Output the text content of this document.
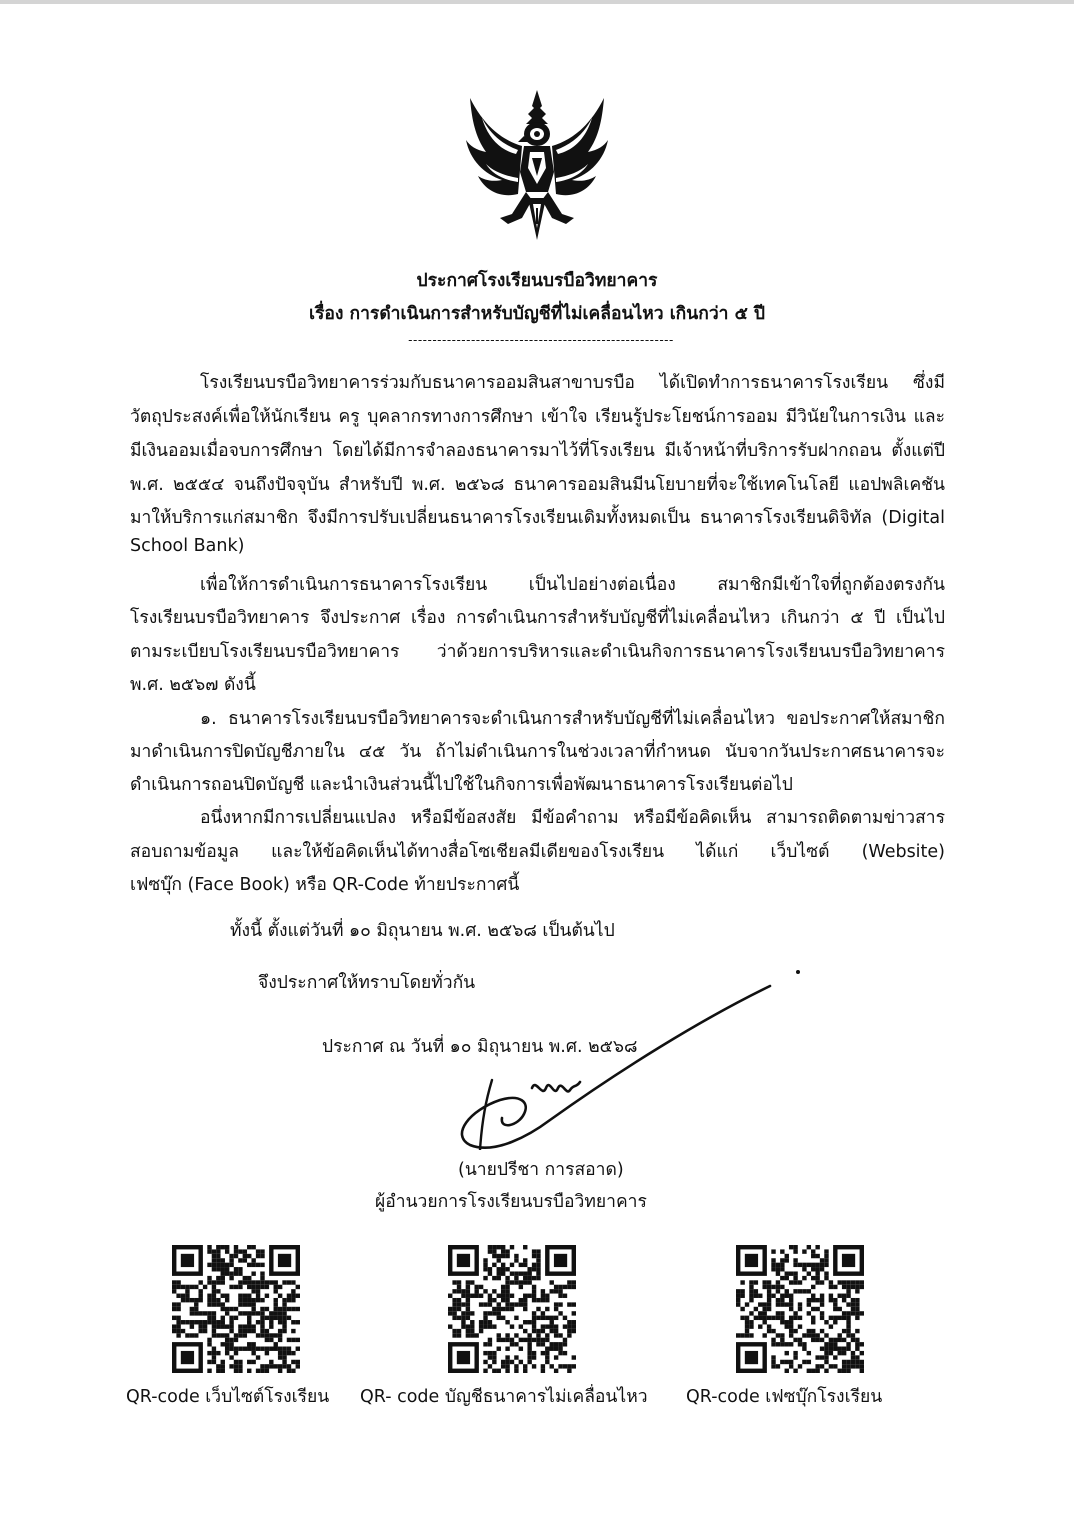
ประกาศโรงเรียนบรบือวิทยาคาร
เรื่อง การดำเนินการสำหรับบัญชีที่ไม่เคลื่อนไหว เกินกว่า ๕ ปี
-------------------------------------------------------
โรงเรียนบรบือวิทยาคารร่วมกับธนาคารออมสินสาขาบรบือ ได้เปิดทำการธนาคารโรงเรียน ซึ่งมี
วัตถุประสงค์เพื่อให้นักเรียน ครู บุคลากรทางการศึกษา เข้าใจ เรียนรู้ประโยชน์การออม มีวินัยในการเงิน และ
มีเงินออมเมื่อจบการศึกษา โดยได้มีการจำลองธนาคารมาไว้ที่โรงเรียน มีเจ้าหน้าที่บริการรับฝากถอน ตั้งแต่ปี
พ.ศ. ๒๕๕๔ จนถึงปัจจุบัน สำหรับปี พ.ศ. ๒๕๖๘ ธนาคารออมสินมีนโยบายที่จะใช้เทคโนโลยี แอปพลิเคชัน
มาให้บริการแก่สมาชิก จึงมีการปรับเปลี่ยนธนาคารโรงเรียนเดิมทั้งหมดเป็น ธนาคารโรงเรียนดิจิทัล (Digital
School Bank)
เพื่อให้การดำเนินการธนาคารโรงเรียน เป็นไปอย่างต่อเนื่อง สมาชิกมีเข้าใจที่ถูกต้องตรงกัน
โรงเรียนบรบือวิทยาคาร จึงประกาศ เรื่อง การดำเนินการสำหรับบัญชีที่ไม่เคลื่อนไหว เกินกว่า ๕ ปี เป็นไป
ตามระเบียบโรงเรียนบรบือวิทยาคาร ว่าด้วยการบริหารและดำเนินกิจการธนาคารโรงเรียนบรบือวิทยาคาร
พ.ศ. ๒๕๖๗ ดังนี้
๑. ธนาคารโรงเรียนบรบือวิทยาคารจะดำเนินการสำหรับบัญชีที่ไม่เคลื่อนไหว ขอประกาศให้สมาชิก
มาดำเนินการปิดบัญชีภายใน ๔๕ วัน ถ้าไม่ดำเนินการในช่วงเวลาที่กำหนด นับจากวันประกาศธนาคารจะ
ดำเนินการถอนปิดบัญชี และนำเงินส่วนนี้ไปใช้ในกิจการเพื่อพัฒนาธนาคารโรงเรียนต่อไป
อนึ่งหากมีการเปลี่ยนแปลง หรือมีข้อสงสัย มีข้อคำถาม หรือมีข้อคิดเห็น สามารถติดตามข่าวสาร
สอบถามข้อมูล และให้ข้อคิดเห็นได้ทางสื่อโซเชียลมีเดียของโรงเรียน ได้แก่ เว็บไซต์ (Website)
เฟซบุ๊ก (Face Book) หรือ QR-Code ท้ายประกาศนี้
ทั้งนี้ ตั้งแต่วันที่ ๑๐ มิถุนายน พ.ศ. ๒๕๖๘ เป็นต้นไป
จึงประกาศให้ทราบโดยทั่วกัน
ประกาศ ณ วันที่ ๑๐ มิถุนายน พ.ศ. ๒๕๖๘
(นายปรีชา การสอาด)
ผู้อำนวยการโรงเรียนบรบือวิทยาคาร
QR-code เว็บไซต์โรงเรียน QR- code บัญชีธนาคารไม่เคลื่อนไหว QR-code เฟซบุ๊กโรงเรียน
